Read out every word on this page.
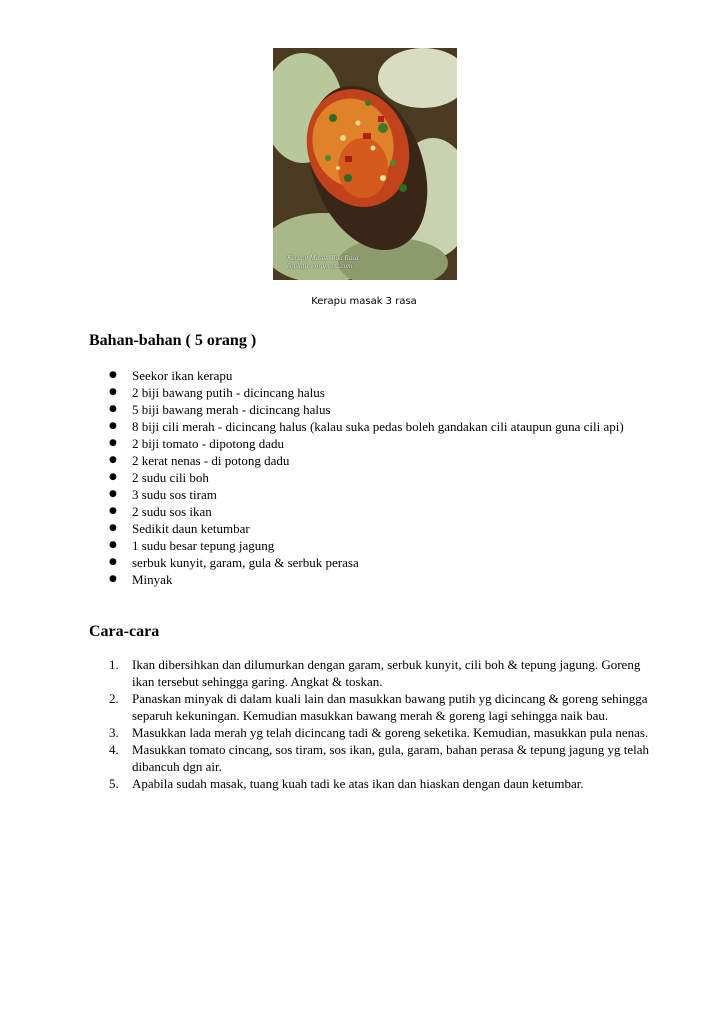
Kerapu Masak Tiga Rasa
koplafii.wordpress.com
Kerapu masak 3 rasa
Bahan-bahan ( 5 orang )
● Seekor ikan kerapu
● 2 biji bawang putih - dicincang halus
● 5 biji bawang merah - dicincang halus
● 8 biji cili merah - dicincang halus (kalau suka pedas boleh gandakan cili ataupun guna cili api)
● 2 biji tomato - dipotong dadu
● 2 kerat nenas - di potong dadu
● 2 sudu cili boh
● 3 sudu sos tiram
● 2 sudu sos ikan
● Sedikit daun ketumbar
● 1 sudu besar tepung jagung
● serbuk kunyit, garam, gula & serbuk perasa
● Minyak
Cara-cara
1. Ikan dibersihkan dan dilumurkan dengan garam, serbuk kunyit, cili boh & tepung jagung. Goreng ikan tersebut sehingga garing. Angkat & toskan.
2. Panaskan minyak di dalam kuali lain dan masukkan bawang putih yg dicincang & goreng sehingga separuh kekuningan. Kemudian masukkan bawang merah & goreng lagi sehingga naik bau.
3. Masukkan lada merah yg telah dicincang tadi & goreng seketika. Kemudian, masukkan pula nenas.
4. Masukkan tomato cincang, sos tiram, sos ikan, gula, garam, bahan perasa & tepung jagung yg telah dibancuh dgn air.
5. Apabila sudah masak, tuang kuah tadi ke atas ikan dan hiaskan dengan daun ketumbar.
